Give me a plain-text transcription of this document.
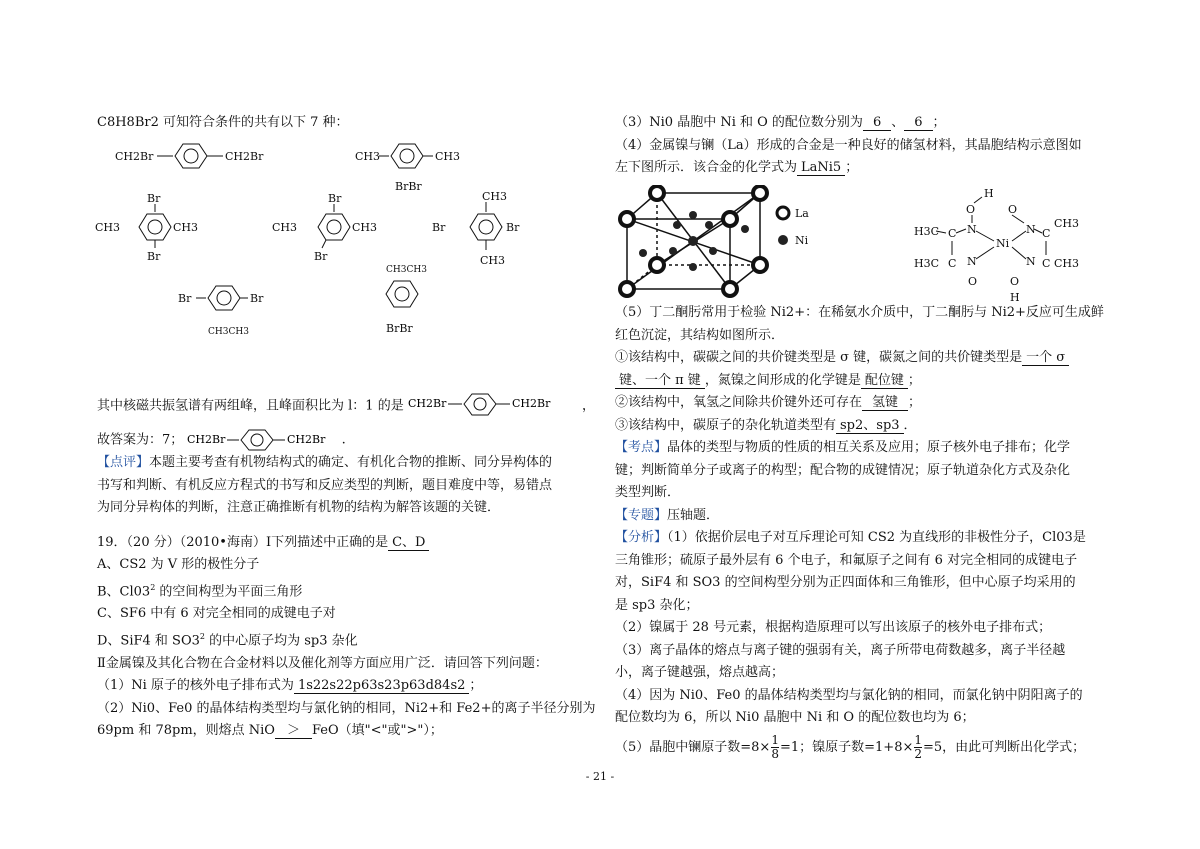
C8H8Br2 可知符合条件的共有以下 7 种：

CH2Br	CH2Br	CH3	CH3
BrBr
Br
CH3	CH3
Br
Br
CH3	CH3
Br
CH3
Br	Br
CH3
Br	Br
CH3CH3
CH3CH3
BrBr

其中核磁共振氢谱有两组峰，且峰面积比为 l：1 的是 CH2Br	CH2Br ，

故答案为：7； CH2Br	CH2Br .

【点评】本题主要考查有机物结构式的确定、有机化合物的推断、同分异构体的

书写和判断、有机反应方程式的书写和反应类型的判断，题目难度中等，易错点

为同分异构体的判断，注意正确推断有机物的结构为解答该题的关键．

19．（20 分）（2010•海南）Ⅰ下列描述中正确的是 C、D

A、CS2 为 V 形的极性分子

B、$Cl03^2$ 的空间构型为平面三角形

C、SF6 中有 6 对完全相同的成键电子对

D、SiF4 和 $SO3^2$ 的中心原子均为 sp3 杂化

Ⅱ金属镍及其化合物在合金材料以及催化剂等方面应用广泛．请回答下列问题：

（1）Ni 原子的核外电子排布式为 1s22s22p63s23p63d84s2 ；

（2）Ni0、Fe0 的晶体结构类型均与氯化钠的相同，Ni2+和 Fe2+的离子半径分别为

69pm 和 78pm，则熔点 NiO ＞ FeO（填"<"或">"）；

（3）Ni0 晶胞中 Ni 和 O 的配位数分别为 6 、 6 ；

（4）金属镍与镧（La）形成的合金是一种良好的储氢材料，其晶胞结构示意图如

左下图所示．该合金的化学式为 LaNi5 ；

La
Ni
H
O
H3C C N
Ni
O
N C
CH3
C N	C
N
H3C	CH3
O	O
H

（5）丁二酮肟常用于检验 Ni2+：在稀氨水介质中，丁二酮肟与 Ni2+反应可生成鲜

红色沉淀，其结构如图所示．

①该结构中，碳碳之间的共价键类型是 σ 键，碳氮之间的共价键类型是 一个 σ

键、一个 π 键 ，氮镍之间形成的化学键是 配位键 ；

②该结构中，氧氢之间除共价键外还可存在 氢键 ；

③该结构中，碳原子的杂化轨道类型有 sp2、sp3 ．

【考点】晶体的类型与物质的性质的相互关系及应用；原子核外电子排布；化学

键；判断简单分子或离子的构型；配合物的成键情况；原子轨道杂化方式及杂化

类型判断．

【专题】压轴题．

【分析】（1）依据价层电子对互斥理论可知 CS2 为直线形的非极性分子，Cl03是

三角锥形；硫原子最外层有 6 个电子，和氟原子之间有 6 对完全相同的成键电子

对，SiF4 和 SO3 的空间构型分别为正四面体和三角锥形，但中心原子均采用的

是 sp3 杂化；

（2）镍属于 28 号元素，根据构造原理可以写出该原子的核外电子排布式；

（3）离子晶体的熔点与离子键的强弱有关，离子所带电荷数越多，离子半径越

小，离子键越强，熔点越高；

（4）因为 Ni0、Fe0 的晶体结构类型均与氯化钠的相同，而氯化钠中阴阳离子的

配位数均为 6，所以 Ni0 晶胞中 Ni 和 O 的配位数也均为 6；

（5）晶胞中镧原子数$=8\times \frac{1}{8} =1$；镍原子数$=1+8\times \frac{1}{2} =5$，由此可判断出化学式；

- 21 -
